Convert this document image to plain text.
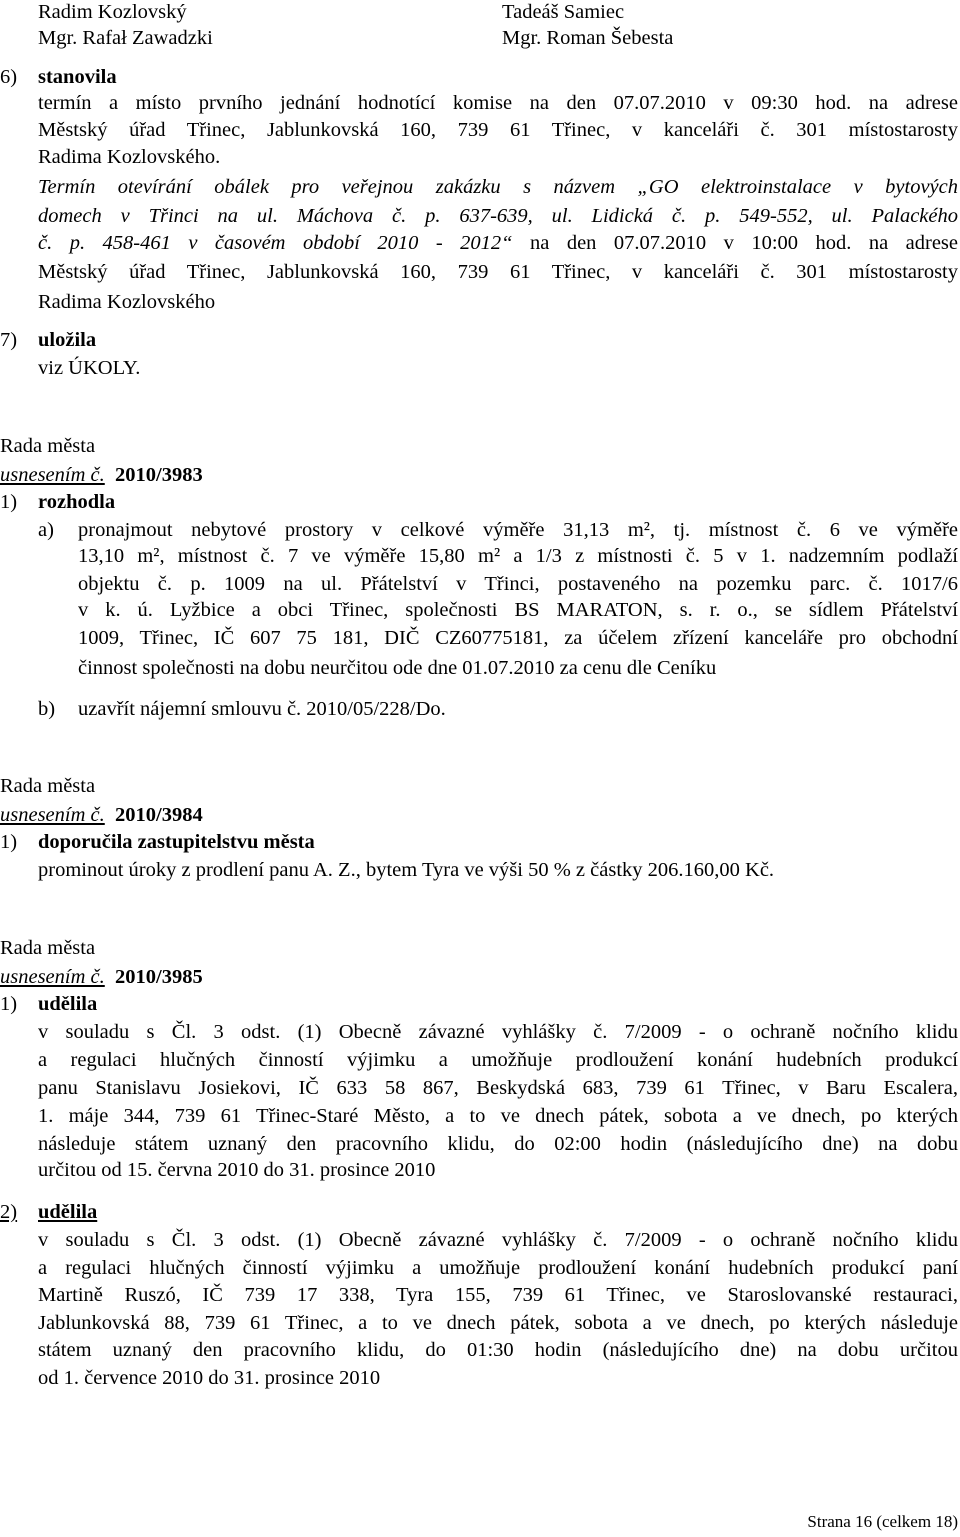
Radim Kozlovský
Mgr. Rafał Zawadzki
Tadeáš Samiec
Mgr. Roman Šebesta
6) stanovila
termín a místo prvního jednání hodnotící komise na den 07.07.2010 v 09:30 hod. na adrese
Městský úřad Třinec, Jablunkovská 160, 739 61 Třinec, v kanceláři č. 301 místostarosty
Radima Kozlovského.
Termín otevírání obálek pro veřejnou zakázku s názvem „GO elektroinstalace v bytových
domech v Třinci na ul. Máchova č. p. 637-639, ul. Lidická č. p. 549-552, ul. Palackého
č. p. 458-461 v časovém období 2010 - 2012“ na den 07.07.2010 v 10:00 hod. na adrese
Městský úřad Třinec, Jablunkovská 160, 739 61 Třinec, v kanceláři č. 301 místostarosty
Radima Kozlovského
7) uložila
viz ÚKOLY.
Rada města
usnesením č. 2010/3983
1) rozhodla
a) pronajmout nebytové prostory v celkové výměře 31,13 m², tj. místnost č. 6 ve výměře
13,10 m², místnost č. 7 ve výměře 15,80 m² a 1/3 z místnosti č. 5 v 1. nadzemním podlaží
objektu č. p. 1009 na ul. Přátelství v Třinci, postaveného na pozemku parc. č. 1017/6
v k. ú. Lyžbice a obci Třinec, společnosti BS MARATON, s. r. o., se sídlem Přátelství
1009, Třinec, IČ 607 75 181, DIČ CZ60775181, za účelem zřízení kanceláře pro obchodní
činnost společnosti na dobu neurčitou ode dne 01.07.2010 za cenu dle Ceníku
b) uzavřít nájemní smlouvu č. 2010/05/228/Do.
Rada města
usnesením č. 2010/3984
1) doporučila zastupitelstvu města
prominout úroky z prodlení panu A. Z., bytem Tyra ve výši 50 % z částky 206.160,00 Kč.
Rada města
usnesením č. 2010/3985
1) udělila
v souladu s Čl. 3 odst. (1) Obecně závazné vyhlášky č. 7/2009 - o ochraně nočního klidu
a regulaci hlučných činností výjimku a umožňuje prodloužení konání hudebních produkcí
panu Stanislavu Josiekovi, IČ 633 58 867, Beskydská 683, 739 61 Třinec, v Baru Escalera,
1. máje 344, 739 61 Třinec-Staré Město, a to ve dnech pátek, sobota a ve dnech, po kterých
následuje státem uznaný den pracovního klidu, do 02:00 hodin (následujícího dne) na dobu
určitou od 15. června 2010 do 31. prosince 2010
2) udělila
v souladu s Čl. 3 odst. (1) Obecně závazné vyhlášky č. 7/2009 - o ochraně nočního klidu
a regulaci hlučných činností výjimku a umožňuje prodloužení konání hudebních produkcí paní
Martině Ruszó, IČ 739 17 338, Tyra 155, 739 61 Třinec, ve Staroslovanské restauraci,
Jablunkovská 88, 739 61 Třinec, a to ve dnech pátek, sobota a ve dnech, po kterých následuje
státem uznaný den pracovního klidu, do 01:30 hodin (následujícího dne) na dobu určitou
od 1. července 2010 do 31. prosince 2010
Strana 16 (celkem 18)
